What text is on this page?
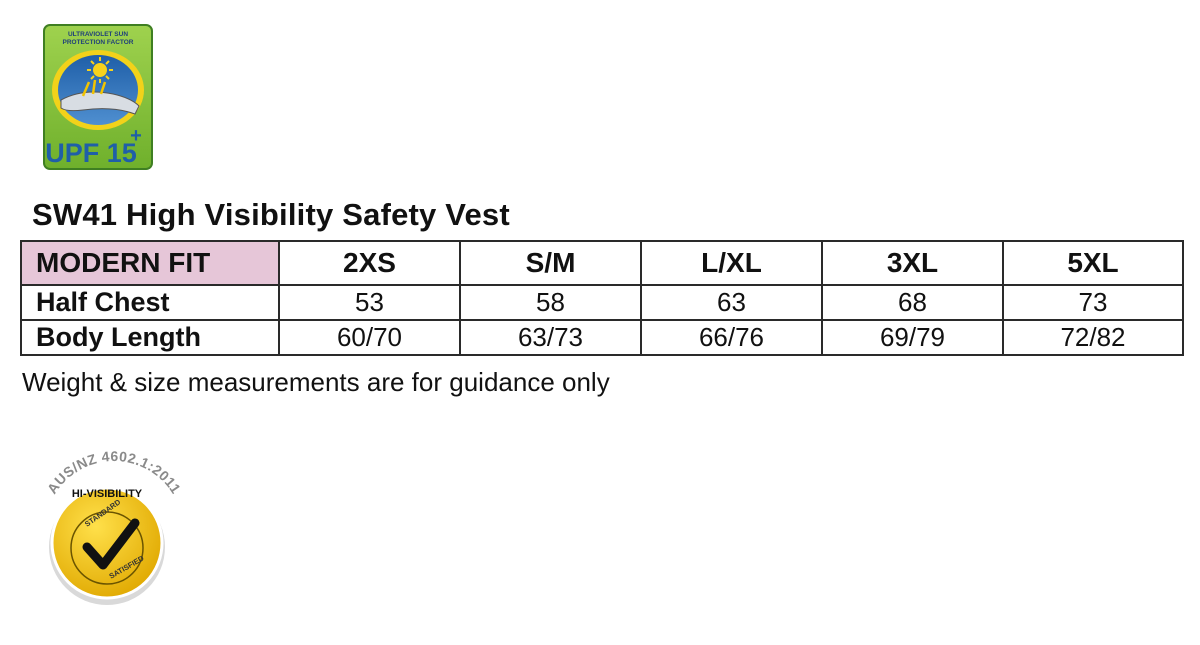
ULTRAVIOLET SUN
PROTECTION FACTOR
UPF 15
+
SW41 High Visibility Safety Vest
MODERN FIT	2XS	S/M	L/XL	3XL	5XL
Half Chest	53	58	63	68	73
Body Length	60/70	63/73	66/76	69/79	72/82
Weight & size measurements are for guidance only
AUS/NZ 4602.1:2011
HI-VISIBILITY
STANDARD
SATISFIED
